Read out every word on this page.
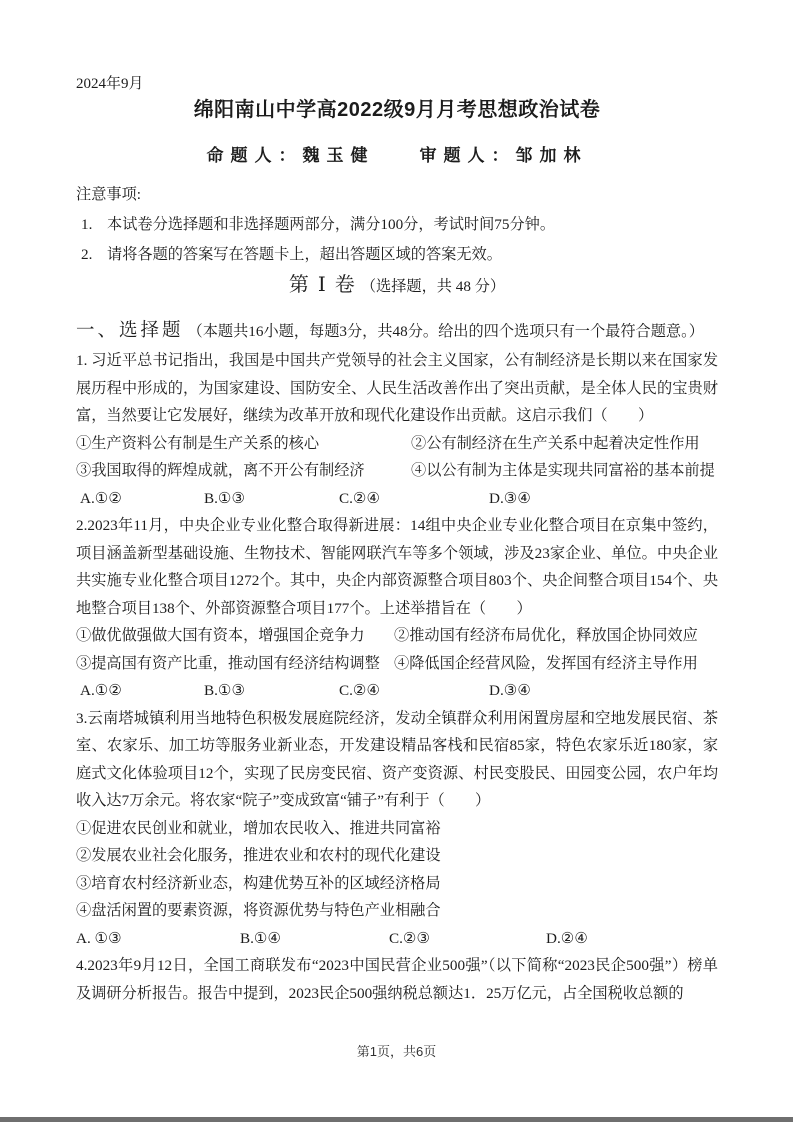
2024年9月
绵阳南山中学高2022级9月月考思想政治试卷
命题人：魏玉健	审题人：邹加林
注意事项:
1. 本试卷分选择题和非选择题两部分，满分100分，考试时间75分钟。
2. 请将各题的答案写在答题卡上，超出答题区域的答案无效。
第 Ⅰ 卷 （选择题，共 48 分）
一、选择题 （本题共16小题，每题3分，共48分。给出的四个选项只有一个最符合题意。）
1. 习近平总书记指出，我国是中国共产党领导的社会主义国家，公有制经济是长期以来在国家发展历程中形成的，为国家建设、国防安全、人民生活改善作出了突出贡献，是全体人民的宝贵财富，当然要让它发展好，继续为改革开放和现代化建设作出贡献。这启示我们（　　）
①生产资料公有制是生产关系的核心	②公有制经济在生产关系中起着决定性作用
③我国取得的辉煌成就，离不开公有制经济	④以公有制为主体是实现共同富裕的基本前提
A.①②	B.①③	C.②④	D.③④
2.2023年11月，中央企业专业化整合取得新进展：14组中央企业专业化整合项目在京集中签约，项目涵盖新型基础设施、生物技术、智能网联汽车等多个领域，涉及23家企业、单位。中央企业共实施专业化整合项目1272个。其中，央企内部资源整合项目803个、央企间整合项目154个、央地整合项目138个、外部资源整合项目177个。上述举措旨在（　　）
①做优做强做大国有资本，增强国企竞争力	②推动国有经济布局优化，释放国企协同效应
③提高国有资产比重，推动国有经济结构调整 ④降低国企经营风险，发挥国有经济主导作用
A.①②	B.①③	C.②④	D.③④
3.云南塔城镇利用当地特色积极发展庭院经济，发动全镇群众利用闲置房屋和空地发展民宿、茶室、农家乐、加工坊等服务业新业态，开发建设精品客栈和民宿85家，特色农家乐近180家，家庭式文化体验项目12个，实现了民房变民宿、资产变资源、村民变股民、田园变公园，农户年均收入达7万余元。将农家“院子”变成致富“铺子”有利于（　　）
①促进农民创业和就业，增加农民收入、推进共同富裕
②发展农业社会化服务，推进农业和农村的现代化建设
③培育农村经济新业态，构建优势互补的区域经济格局
④盘活闲置的要素资源，将资源优势与特色产业相融合
A. ①③	B.①④	C.②③	D.②④
4.2023年9月12日，全国工商联发布“2023中国民营企业500强”（以下简称“2023民企500强”）榜单及调研分析报告。报告中提到，2023民企500强纳税总额达1．25万亿元，占全国税收总额的
第1页，共6页
